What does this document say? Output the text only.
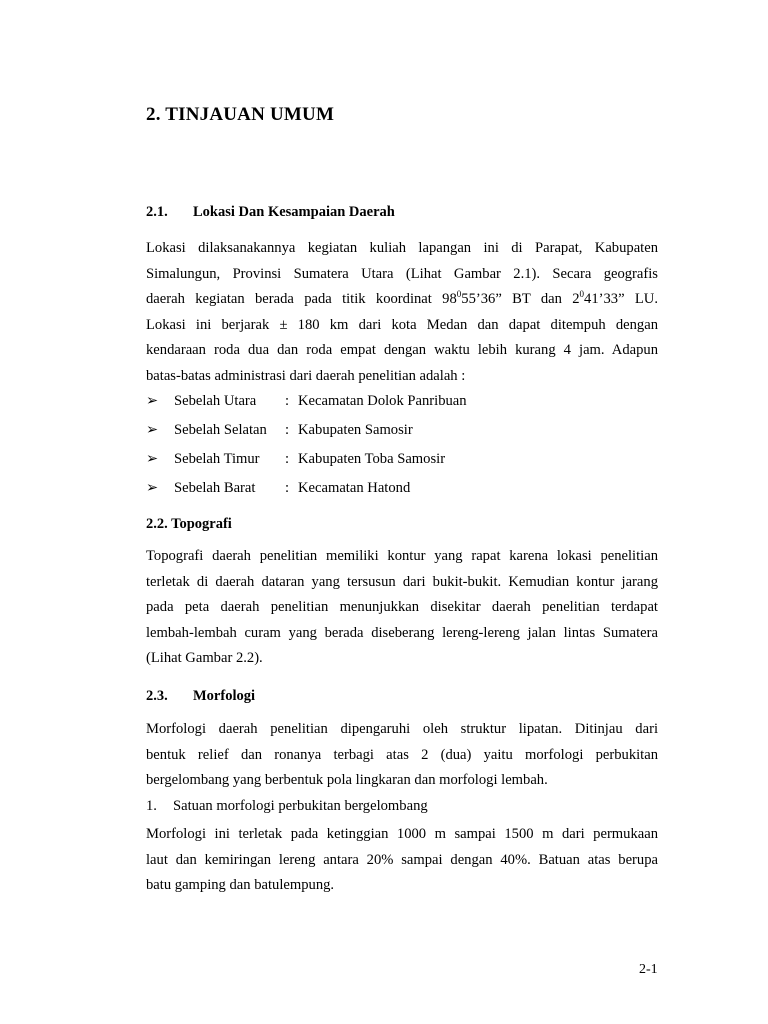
2. TINJAUAN UMUM
2.1. Lokasi Dan Kesampaian Daerah
Lokasi dilaksanakannya kegiatan kuliah lapangan ini di Parapat, Kabupaten
Simalungun, Provinsi Sumatera Utara (Lihat Gambar 2.1). Secara geografis
daerah kegiatan berada pada titik koordinat $98^055’36$” BT dan $2^041’33$” LU.
Lokasi ini berjarak ± 180 km dari kota Medan dan dapat ditempuh dengan
kendaraan roda dua dan roda empat dengan waktu lebih kurang 4 jam. Adapun
batas-batas administrasi dari daerah penelitian adalah :
➢	Sebelah Utara : Kecamatan Dolok Panribuan
➢	Sebelah Selatan : Kabupaten Samosir
➢	Sebelah Timur : Kabupaten Toba Samosir
➢	Sebelah Barat : Kecamatan Hatond
2.2. Topografi
Topografi daerah penelitian memiliki kontur yang rapat karena lokasi penelitian
terletak di daerah dataran yang tersusun dari bukit-bukit. Kemudian kontur jarang
pada peta daerah penelitian menunjukkan disekitar daerah penelitian terdapat
lembah-lembah curam yang berada diseberang lereng-lereng jalan lintas Sumatera
(Lihat Gambar 2.2).
2.3. Morfologi
Morfologi daerah penelitian dipengaruhi oleh struktur lipatan. Ditinjau dari
bentuk relief dan ronanya terbagi atas 2 (dua) yaitu morfologi perbukitan
bergelombang yang berbentuk pola lingkaran dan morfologi lembah.
1. Satuan morfologi perbukitan bergelombang
Morfologi ini terletak pada ketinggian 1000 m sampai 1500 m dari permukaan
laut dan kemiringan lereng antara 20% sampai dengan 40%. Batuan atas berupa
batu gamping dan batulempung.
2-1
